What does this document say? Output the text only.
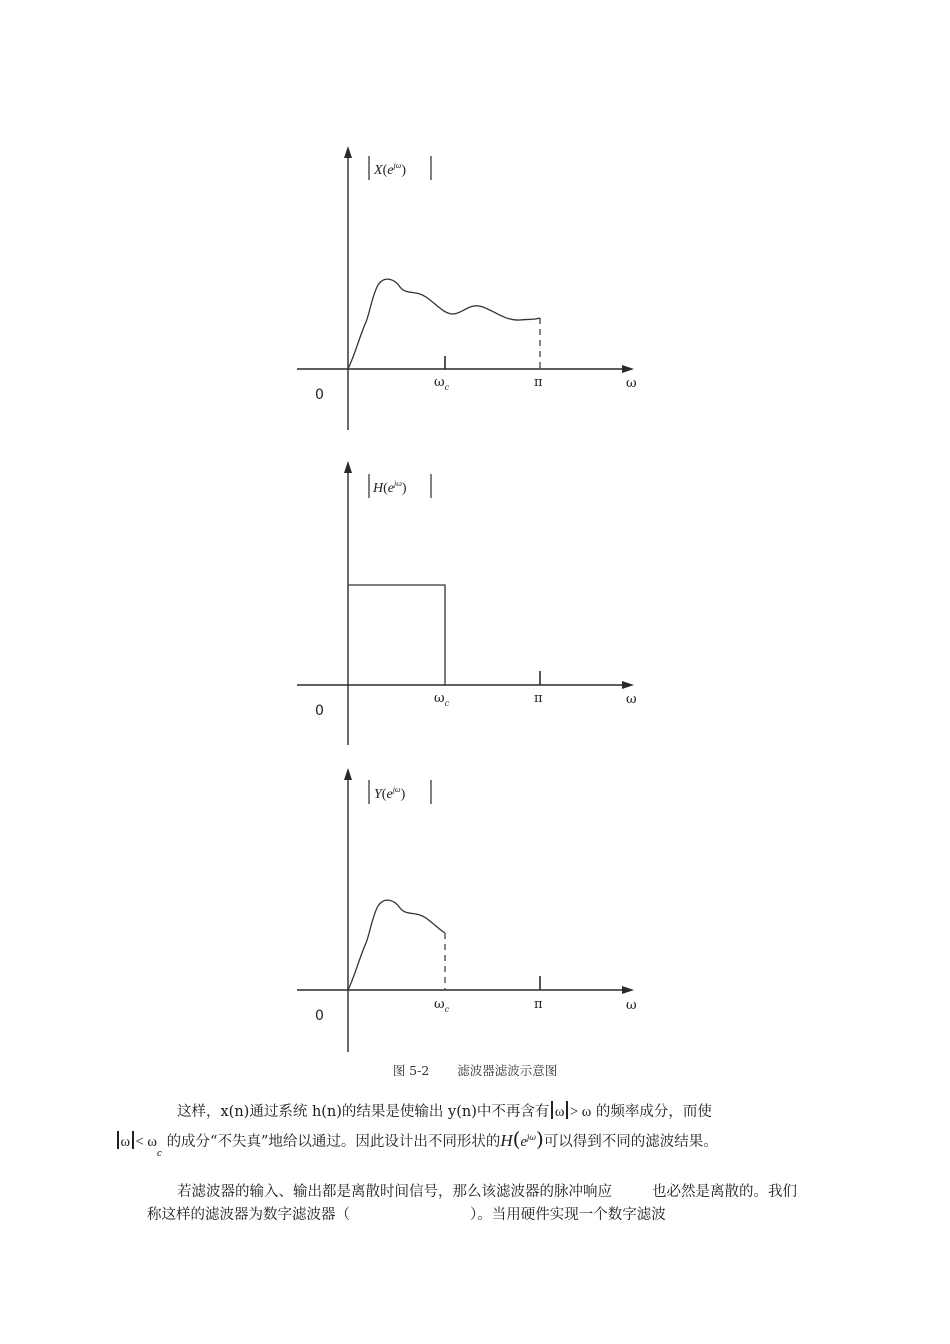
0
$\omega_c$	π	ω
$X(e^{j\omega})$
0
$\omega_c$	π	ω
$H(e^{j\omega})$
0
$\omega_c$	π	ω
$Y(e^{j\omega})$
图 5-2 滤波器滤波示意图
这样，x(n)通过系统 h(n)的结果是使输出 y(n)中不再含有 ω > ω 的频率成分，而使
$\omega < \omega_c$ 的成分“不失真”地给以通过。因此设计出不同形状的$H(e^{j\omega})$可以得到不同的滤波结果。
若滤波器的输入、输出都是离散时间信号，那么该滤波器的脉冲响应	也必然是离散的。我们称这样的滤波器为数字滤波器（	）。当用硬件实现一个数字滤波
